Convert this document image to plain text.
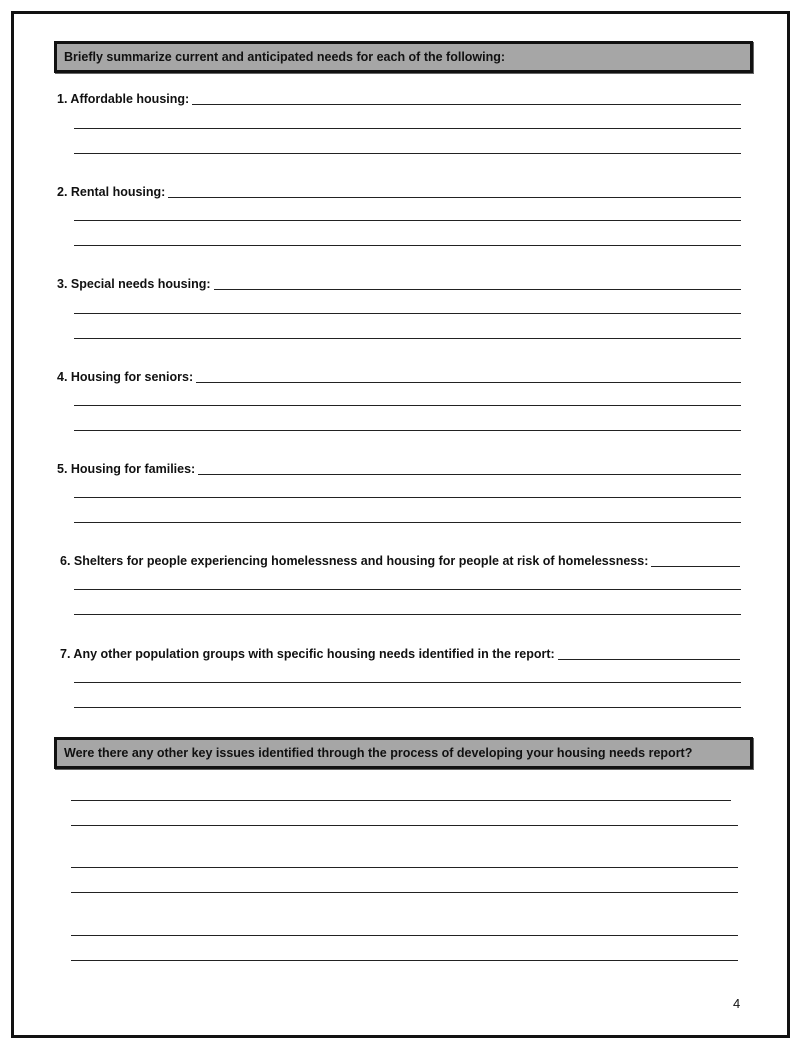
Briefly summarize current and anticipated needs for each of the following:
1. Affordable housing:
2. Rental housing:
3. Special needs housing:
4. Housing for seniors:
5. Housing for families:
6. Shelters for people experiencing homelessness and housing for people at risk of homelessness:
7. Any other population groups with specific housing needs identified in the report:
Were there any other key issues identified through the process of developing your housing needs report?
4
